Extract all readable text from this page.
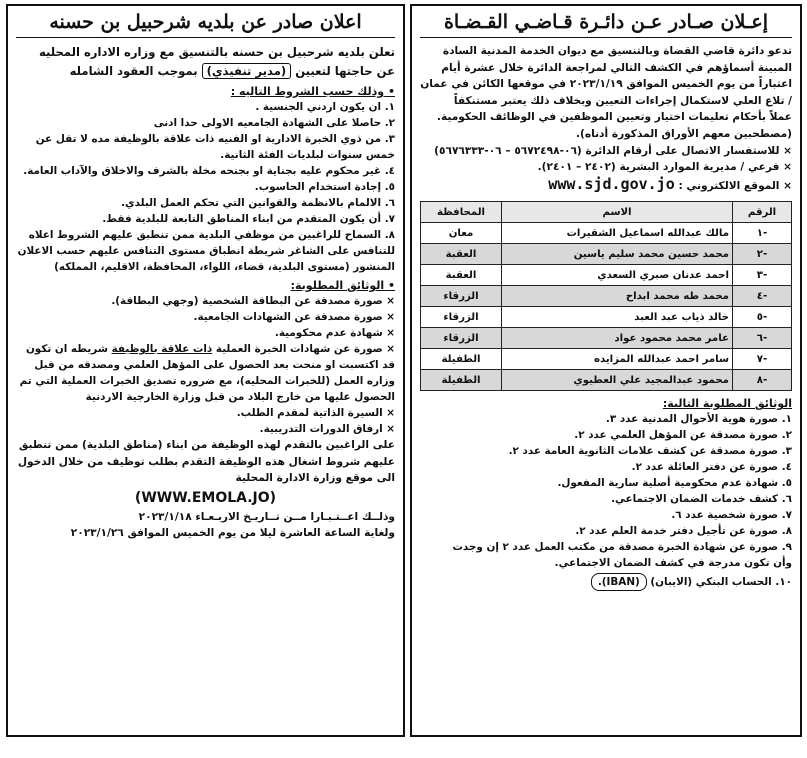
إعـلان صـادر عـن دائـرة قـاضـي القـضـاة

تدعو دائرة قاضي القضاة وبالتنسيق مع ديوان الخدمة المدنية السادة

المبينة أسماؤهم في الكشف التالي لمراجعة الدائرة خلال عشرة أيام

اعتباراً من يوم الخميس الموافق ٢٠٢٣/١/١٩ في موقعها الكائن في عمان

/ تلاع العلي لاستكمال إجراءات التعيين وبخلاف ذلك يعتبر مستنكفاً

عملاً بأحكام تعليمات اختيار وتعيين الموظفين في الوظائف الحكومية.

(مصطحبين معهم الأوراق المذكورة أدناه).

× للاستفسار الاتصال على أرقام الدائرة (٠٦-٥٦٧٢٤٩٨ – ٠٦-٥٦٧٦٣٣٣)

× فرعي / مديرية الموارد البشرية (٢٤٠٢ – ٢٤٠١).

× الموقع الالكتروني : www.sjd.gov.jo

الرقم	الاسم	المحافظة
-١	مالك عبدالله اسماعيل الشقيرات	معان
-٢	محمد حسين محمد سليم ياسين	العقبة
-٣	احمد عدنان صبري السعدي	العقبة
-٤	محمد طه محمد ابداح	الزرقاء
-٥	خالد ذياب عبد العبد	الزرقاء
-٦	عامر محمد محمود عواد	الزرقاء
-٧	سامر احمد عبدالله المزايده	الطفيلة
-٨	محمود عبدالمجيد علي العطيوي	الطفيلة
الوثائق المطلوبة التالية:
١. صورة هوية الأحوال المدنية عدد ٣.
٢. صورة مصدقة عن المؤهل العلمي عدد ٢.
٣. صورة مصدقة عن كشف علامات الثانوية العامة عدد ٢.
٤. صورة عن دفتر العائلة عدد ٢.
٥. شهادة عدم محكومية أصلية سارية المفعول.
٦. كشف خدمات الضمان الاجتماعي.
٧. صورة شخصية عدد ٦.
٨. صورة عن تأجيل دفتر خدمة العلم عدد ٢.
٩. صورة عن شهادة الخبرة مصدقة من مكتب العمل عدد ٢ إن وجدت
وأن تكون مدرجة في كشف الضمان الاجتماعي.
١٠. الحساب البنكي (الايبان) (IBAN).
اعلان صادر عن بلديه شرحبيل بن حسنه

تعلن بلديه شرحبيل بن حسنه بالتنسيق مع وزاره الاداره المحليه

عن حاجتها لتعيين (مدير تنفيذي) بموجب العقود الشامله

• وذلك حسب الشروط التاليه :
١. ان يكون اردني الجنسية .
٢. حاصلا على الشهادة الجامعيه الاولى حدا ادنى
٣. من ذوي الخبرة الادارية او الفنيه ذات علاقة بالوظيفة مده لا تقل عن خمس سنوات لبلديات الفئة الثانية.
٤. غير محكوم عليه بجناية او بجنحه مخلة بالشرف والاخلاق والآداب العامة.
٥. إجادة استخدام الحاسوب.
٦. الالمام بالانظمة والقوانين التي تحكم العمل البلدي.
٧. أن يكون المتقدم من ابناء المناطق التابعة للبلدية فقط.
٨. السماح للراغبين من موظفي البلدية ممن تنطبق عليهم الشروط اعلاه للتنافس على الشاغر شريطة انطباق مستوى التنافس عليهم حسب الاعلان المنشور (مستوى البلدية، قضاء، اللواء، المحافظة، الاقليم، المملكه)
• الوثائق المطلوبة:
× صورة مصدقة عن البطاقة الشخصية (وجهي البطاقة).
× صورة مصدقة عن الشهادات الجامعية.
× شهادة عدم محكومية.
× صورة عن شهادات الخبرة العملية ذات علاقة بالوظيفة شريطه ان تكون قد اكتسبت او منحت بعد الحصول على المؤهل العلمي ومصدقه من قبل وزاره العمل (للخبرات المحليه)، مع ضروره تصديق الخبرات العملية التي تم الحصول عليها من خارج البلاد من قبل وزارة الخارجية الاردنية
× السيرة الذاتية لمقدم الطلب.
× ارفاق الدورات التدريبية.

على الراغبين بالتقدم لهذه الوظيفة من ابناء (مناطق البلدية) ممن تنطبق عليهم شروط اشغال هذه الوظيفة التقدم بطلب توظيف من خلال الدخول الى موقع وزارة الادارة المحلية

(WWW.EMOLA.JO)

وذلــك اعــتـبـارا مــن تــاريـخ الاربـعـاء ٢٠٢٣/١/١٨

ولغاية الساعة العاشرة ليلا من يوم الخميس الموافق ٢٠٢٣/١/٢٦
